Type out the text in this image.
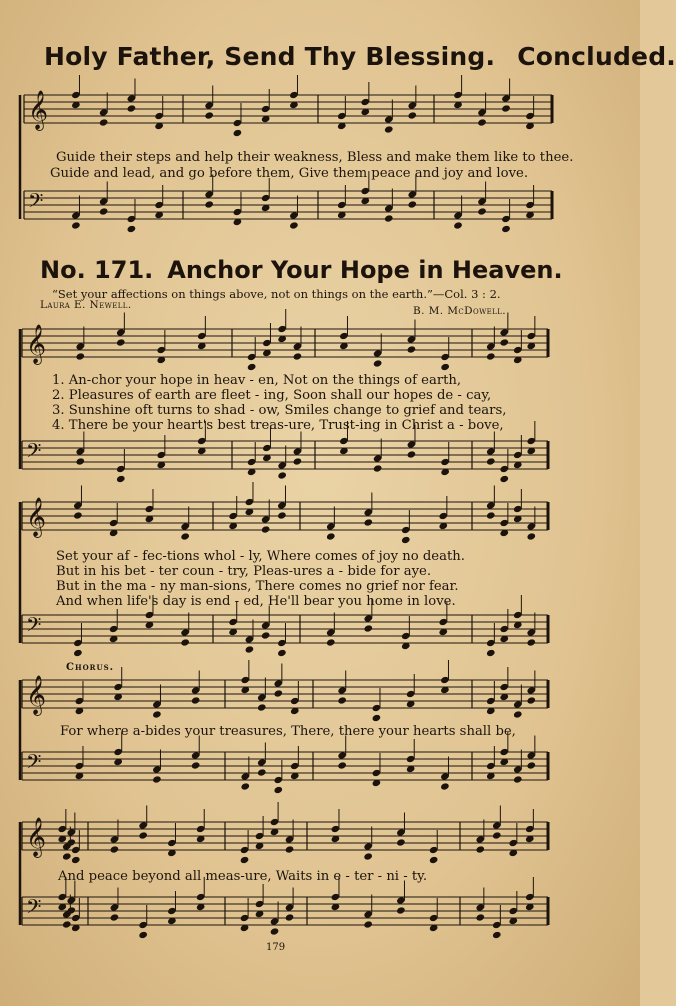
Holy Father, Send Thy Blessing. Concluded.
𝄞
𝄢
𝄞
𝄢
𝄞
𝄢
𝄞
𝄢
𝄞
𝄢
Guide their steps and help their weakness, Bless and make them like to thee.
Guide and lead, and go before them, Give them peace and joy and love.
No. 171. Anchor Your Hope in Heaven.
“Set your affections on things above, not on things on the earth.”—Col. 3 : 2.
Laura E. Newell.	B. M. McDowell.
1. An-chor your hope in heav - en, Not on the things of earth,
2. Pleasures of earth are fleet - ing, Soon shall our hopes de - cay,
3. Sunshine oft turns to shad - ow, Smiles change to grief and tears,
4. There be your heart's best treas-ure, Trust-ing in Christ a - bove,
Set your af - fec-tions whol - ly, Where comes of joy no death.
But in his bet - ter coun - try, Pleas-ures a - bide for aye.
But in the ma - ny man-sions, There comes no grief nor fear.
And when life's day is end - ed, He'll bear you home in love.
Chorus.
For where a-bides your treasures, There, there your hearts shall be,
And peace beyond all meas-ure, Waits in e - ter - ni - ty.
179
